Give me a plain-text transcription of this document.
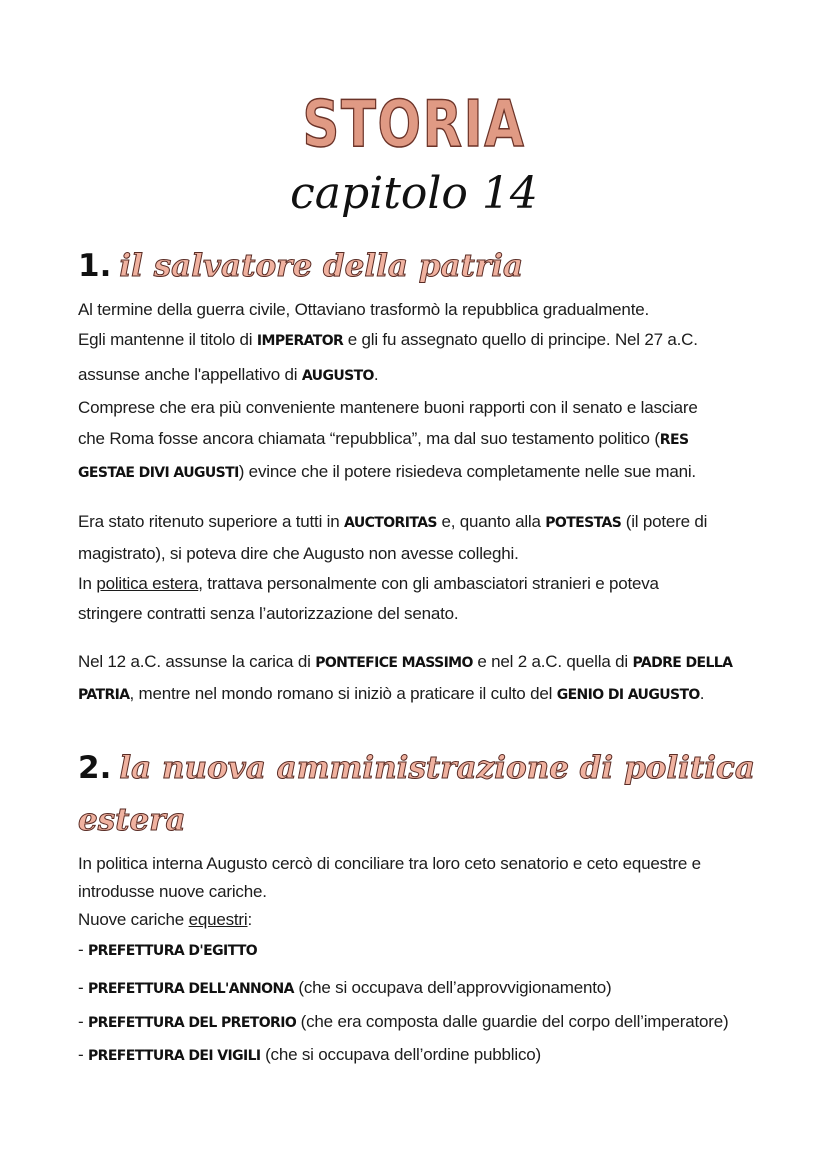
STORIA
capitolo 14
1. il salvatore della patria
2. la nuova amministrazione di politica
estera
Al termine della guerra civile, Ottaviano trasformò la repubblica gradualmente.
Egli mantenne il titolo di IMPERATOR e gli fu assegnato quello di principe. Nel 27 a.C.
assunse anche l'appellativo di AUGUSTO.
Comprese che era più conveniente mantenere buoni rapporti con il senato e lasciare
che Roma fosse ancora chiamata “repubblica”, ma dal suo testamento politico (RES
GESTAE DIVI AUGUSTI) evince che il potere risiedeva completamente nelle sue mani.
Era stato ritenuto superiore a tutti in AUCTORITAS e, quanto alla POTESTAS (il potere di
magistrato), si poteva dire che Augusto non avesse colleghi.
In politica estera, trattava personalmente con gli ambasciatori stranieri e poteva
stringere contratti senza l’autorizzazione del senato.
Nel 12 a.C. assunse la carica di PONTEFICE MASSIMO e nel 2 a.C. quella di PADRE DELLA
PATRIA, mentre nel mondo romano si iniziò a praticare il culto del GENIO DI AUGUSTO.
In politica interna Augusto cercò di conciliare tra loro ceto senatorio e ceto equestre e
introdusse nuove cariche.
Nuove cariche equestri:
- PREFETTURA D'EGITTO
- PREFETTURA DELL'ANNONA (che si occupava dell’approvvigionamento)
- PREFETTURA DEL PRETORIO (che era composta dalle guardie del corpo dell’imperatore)
- PREFETTURA DEI VIGILI (che si occupava dell’ordine pubblico)
